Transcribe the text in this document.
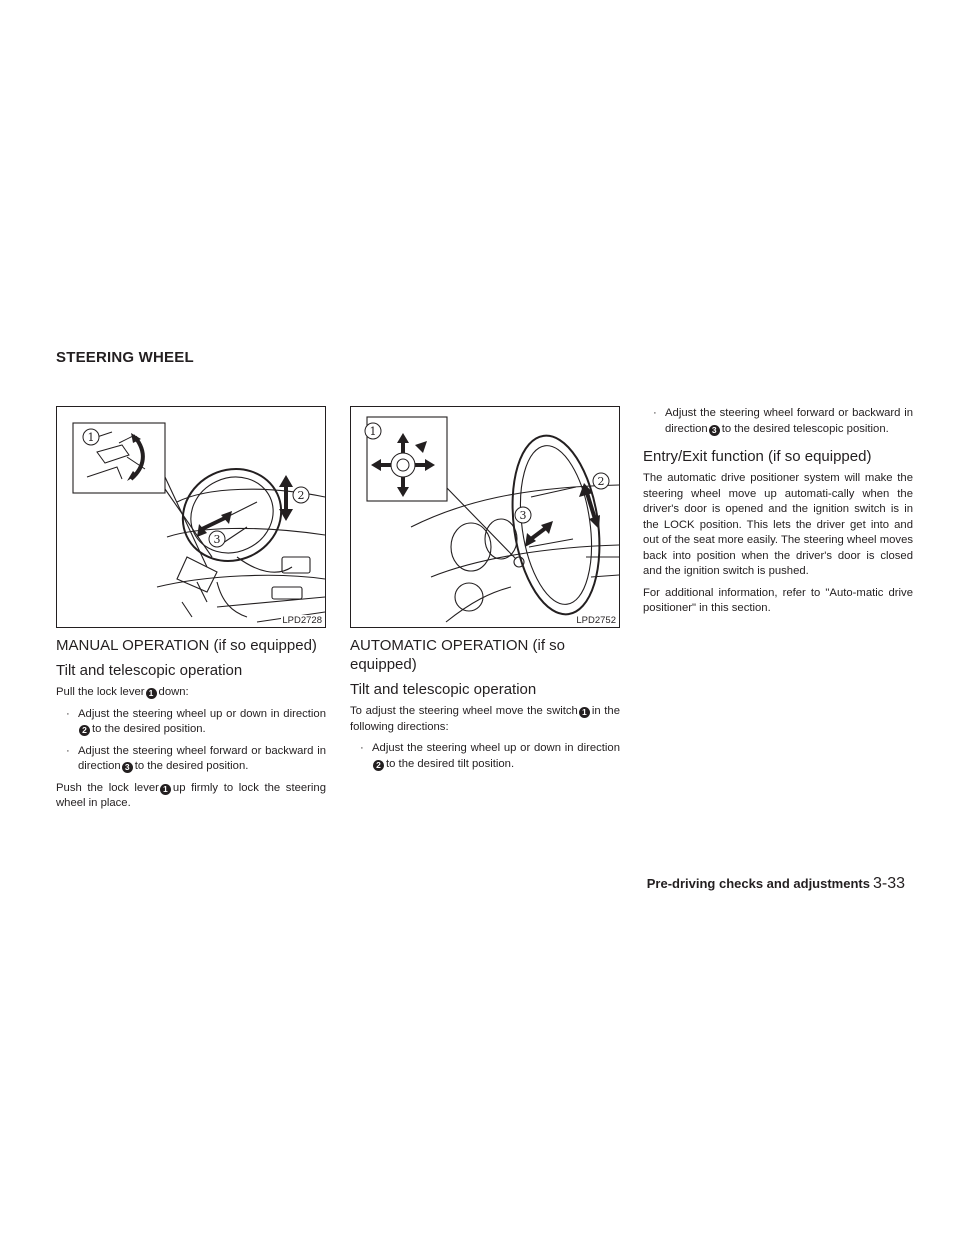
STEERING WHEEL
1
2
3
LPD2728
MANUAL OPERATION (if so equipped)
Tilt and telescopic operation

Pull the lock lever 1 down:

· Adjust the steering wheel up or down in direction2 to the desired position.
· Adjust the steering wheel forward or backward in direction 3 to the desired position.

Push the lock lever 1 up firmly to lock the steering wheel in place.

1
2
3
LPD2752
AUTOMATIC OPERATION (if so equipped)
Tilt and telescopic operation

To adjust the steering wheel move the switch 1 in the following directions:

· Adjust the steering wheel up or down in direction2 to the desired tilt position.
· Adjust the steering wheel forward or backward in direction 3 to the desired telescopic position.
Entry/Exit function (if so equipped)

The automatic drive positioner system will make the steering wheel move up automati-cally when the driver's door is opened and the ignition switch is in the LOCK position. This lets the driver get into and out of the seat more easily. The steering wheel moves back into position when the driver's door is closed and the ignition switch is pushed.

For additional information, refer to "Auto-matic drive positioner" in this section.

Pre-driving checks and adjustments 3-33
